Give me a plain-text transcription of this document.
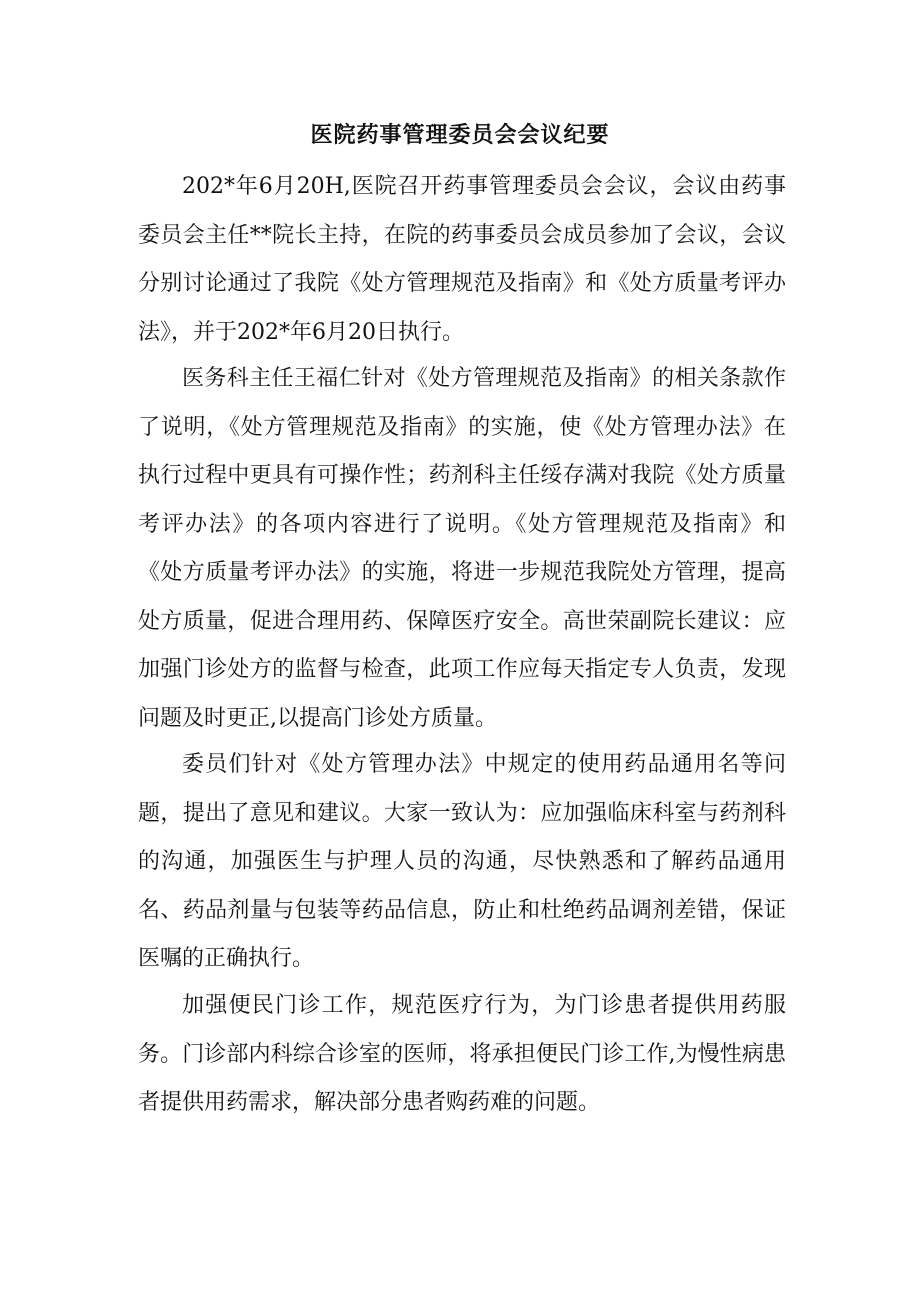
医院药事管理委员会会议纪要

202*年6月20H,医院召开药事管理委员会会议，会议由药事委员会主任**院长主持，在院的药事委员会成员参加了会议，会议分别讨论通过了我院《处方管理规范及指南》和《处方质量考评办法》，并于202*年6月20日执行。

医务科主任王福仁针对《处方管理规范及指南》的相关条款作了说明，《处方管理规范及指南》的实施，使《处方管理办法》在执行过程中更具有可操作性；药剂科主任绥存满对我院《处方质量考评办法》的各项内容进行了说明。《处方管理规范及指南》和《处方质量考评办法》的实施，将进一步规范我院处方管理，提高处方质量，促进合理用药、保障医疗安全。高世荣副院长建议：应加强门诊处方的监督与检查，此项工作应每天指定专人负责，发现问题及时更正,以提高门诊处方质量。

委员们针对《处方管理办法》中规定的使用药品通用名等问题，提出了意见和建议。大家一致认为：应加强临床科室与药剂科的沟通，加强医生与护理人员的沟通，尽快熟悉和了解药品通用名、药品剂量与包装等药品信息，防止和杜绝药品调剂差错，保证医嘱的正确执行。

加强便民门诊工作，规范医疗行为，为门诊患者提供用药服务。门诊部内科综合诊室的医师，将承担便民门诊工作,为慢性病患者提供用药需求，解决部分患者购药难的问题。
